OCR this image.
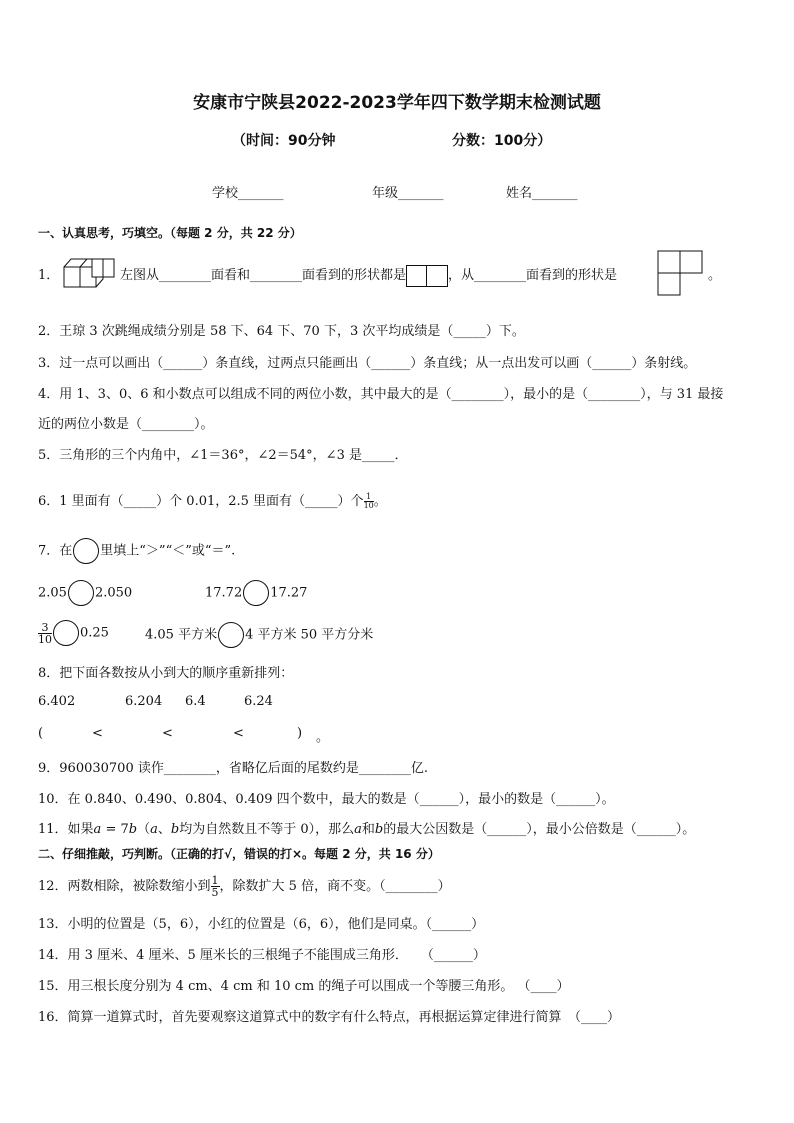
安康市宁陕县2022-2023学年四下数学期末检测试题
（时间：90分钟	分数：100分）
学校_______	年级_______	姓名_______
一、认真思考，巧填空。（每题 2 分，共 22 分）
1．	左图从________面看和________面看到的形状都是	，从________面看到的形状是	。
2．王琼 3 次跳绳成绩分别是 58 下、64 下、70 下，3 次平均成绩是（_____）下。
3．过一点可以画出（______）条直线，过两点只能画出（______）条直线；从一点出发可以画（______）条射线。
4．用 1、3、0、6 和小数点可以组成不同的两位小数，其中最大的是（________），最小的是（________），与 31 最接
近的两位小数是（________）。
5．三角形的三个内角中，∠1＝36°，∠2＝54°，∠3 是_____．
6．1 里面有（_____）个 0.01，2.5 里面有（_____）个 $\frac{1}{10}$ 。
7．在 里填上“＞”“＜”或“＝”.
2.05 2.050	17.72 17.27
$\frac{3}{10} 0.25$	4.05 平方米 4 平方米 50 平方分米
8．把下面各数按从小到大的顺序重新排列：
6.402	6.204 6.4	6.24
(	<	<	<	) 。
9．960030700 读作________，省略亿后面的尾数约是________亿.
10．在 0.840、0.490、0.804、0.409 四个数中，最大的数是（______），最小的数是（______）。
11．如果a = 7b（a、b均为自然数且不等于 0），那么a和b的最大公因数是（______），最小公倍数是（______）。
二、仔细推敲，巧判断。（正确的打√，错误的打×。每题 2 分，共 16 分）
12．两数相除，被除数缩小到 $\frac{1}{5}$ ，除数扩大 5 倍，商不变。（________）
13．小明的位置是（5，6），小红的位置是（6，6），他们是同桌。（______）
14．用 3 厘米、4 厘米、5 厘米长的三根绳子不能围成三角形．　　（______）
15．用三根长度分别为 4 cm、4 cm 和 10 cm 的绳子可以围成一个等腰三角形。 （____）
16．简算一道算式时，首先要观察这道算式中的数字有什么特点，再根据运算定律进行简算　（____）
